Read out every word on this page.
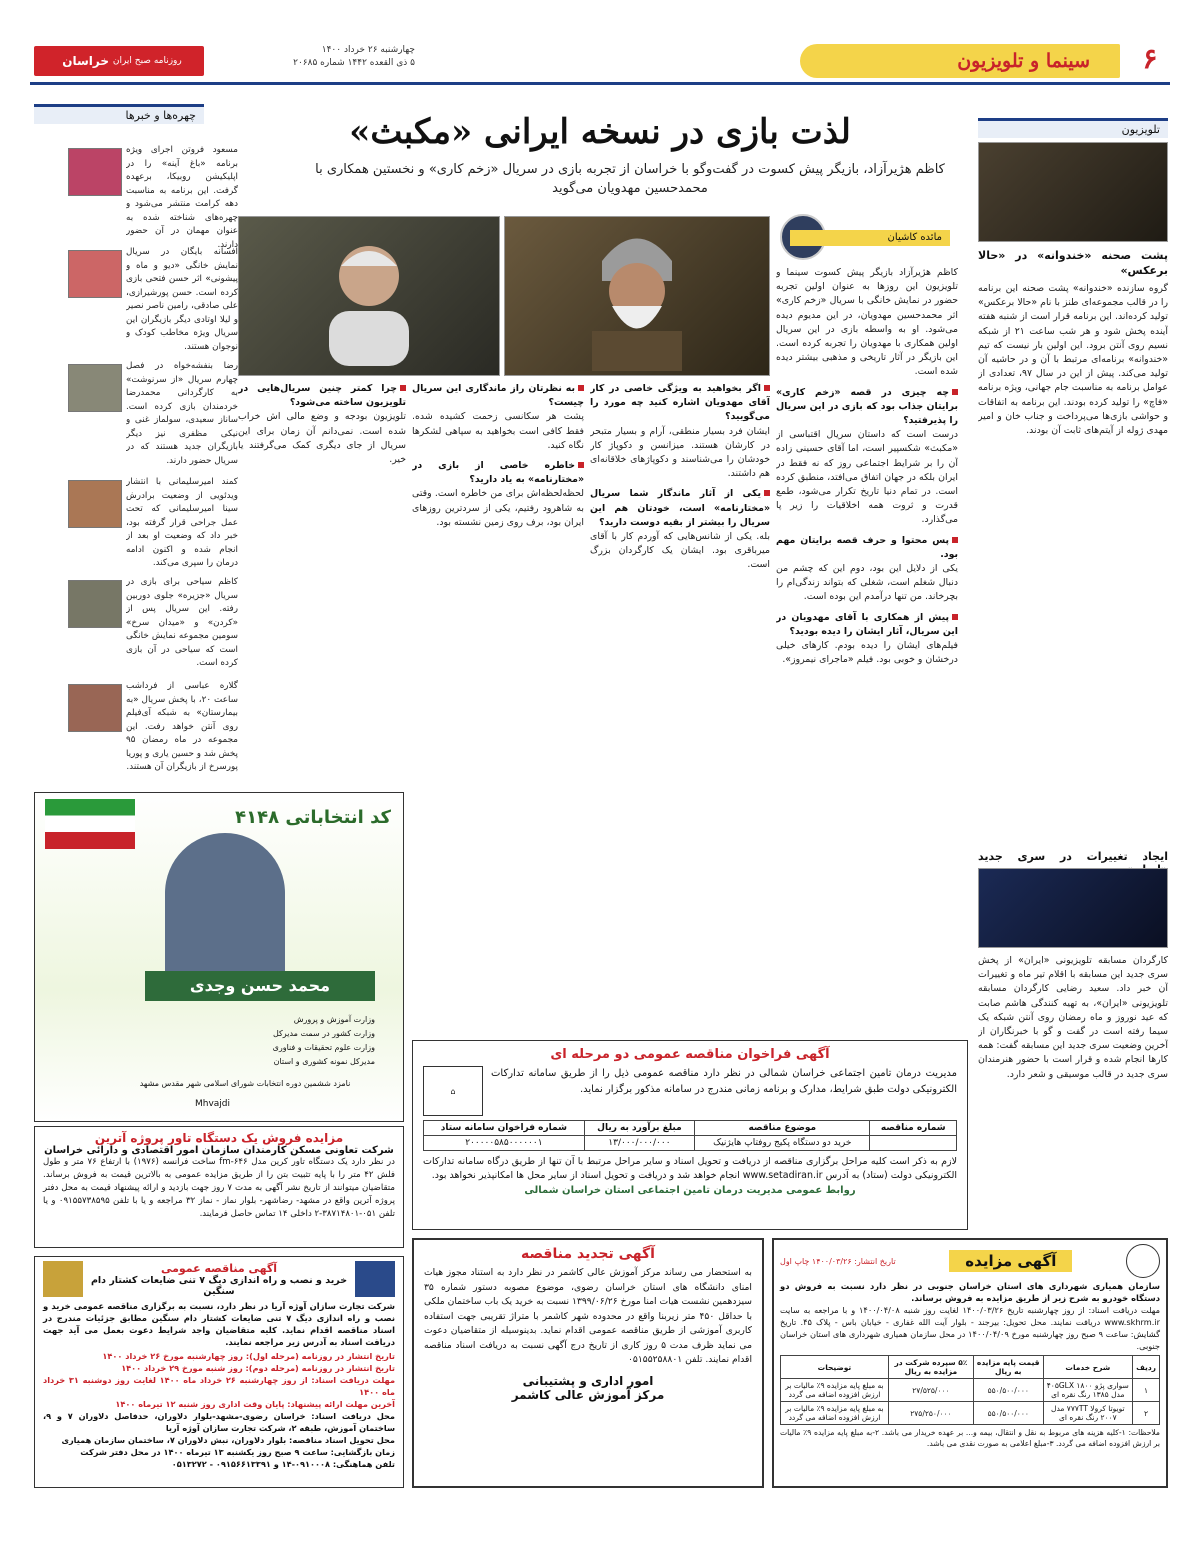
خراسان
روزنامه صبح ایران
چهارشنبه ۲۶ خرداد ۱۴۰۰
۵ ذی القعده ۱۴۴۲ شماره ۲۰۶۸۵	سینما و تلویزیون	۶
چهره‌ها و خبرها
مسعود فروتن اجرای ویژه برنامه «باغ آینه» را در اپلیکیشن روبیکا، برعهده گرفت. این برنامه به مناسبت دهه کرامت منتشر می‌شود و چهره‌های شناخته شده به عنوان مهمان در آن حضور دارند.
افسانه بایگان در سریال نمایش خانگی «دیو و ماه و پیشونی» اثر حسن فتحی بازی کرده است. حسن پورشیرازی، علی صادقی، رامین ناصر نصیر و لیلا اوتادی دیگر بازیگران این سریال ویژه مخاطب کودک و نوجوان هستند.
رضا بنفشه‌خواه در فصل چهارم سریال «از سرنوشت» به کارگردانی محمدرضا خردمندان بازی کرده است. ساناز سعیدی، سولماز غنی و نیکی مظفری نیز دیگر بازیگران جدید هستند که در سریال حضور دارند.
کمند امیرسلیمانی با انتشار ویدئویی از وضعیت برادرش سینا امیرسلیمانی که تحت عمل جراحی قرار گرفته بود، خبر داد که وضعیت او بعد از انجام شده و اکنون ادامه درمان را سپری می‌کند.
کاظم سیاحی برای بازی در سریال «جزیره» جلوی دوربین رفته. این سریال پس از «کردن» و «میدان سرخ» سومین مجموعه نمایش خانگی است که سیاحی در آن بازی کرده است.
گلاره عباسی از فرداشب ساعت ۲۰، با پخش سریال «به بیمارستان» به شبکه آی‌فیلم روی آنتن خواهد رفت. این مجموعه در ماه رمضان ۹۵ پخش شد و حسین یاری و پوریا پورسرخ از بازیگران آن هستند.
لذت بازی در نسخه ایرانی «مکبث»
کاظم هژیرآزاد، بازیگر پیش کسوت در گفت‌وگو با خراسان از تجربه بازی در سریال «زخم کاری» و نخستین همکاری با محمدحسین مهدویان می‌گوید
مائده کاشیان

کاظم هژیرآزاد بازیگر پیش کسوت سینما و تلویزیون این روزها به عنوان اولین تجربه حضور در نمایش خانگی با سریال «زخم کاری» اثر محمدحسین مهدویان، در این مدیوم دیده می‌شود. او به واسطه بازی در این سریال اولین همکاری با مهدویان را تجربه کرده است. این بازیگر در آثار تاریخی و مذهبی بیشتر دیده شده است.

چه چیزی در قصه «زخم کاری» برایتان جذاب بود که بازی در این سریال را پذیرفتید؟

درست است که داستان سریال اقتباسی از «مکبث» شکسپیر است، اما آقای حسینی زاده آن را بر شرایط اجتماعی روز که نه فقط در ایران بلکه در جهان اتفاق می‌افتد، منطبق کرده است. در تمام دنیا تاریخ تکرار می‌شود، طمع قدرت و ثروت همه اخلاقیات را زیر پا می‌گذارد.

پس محتوا و حرف قصه برایتان مهم بود.

یکی از دلایل این بود، دوم این که چشم من دنبال شغلم است، شغلی که بتواند زندگی‌ام را بچرخاند. من تنها درآمدم این بوده است.

پیش از همکاری با آقای مهدویان در این سریال، آثار ایشان را دیده بودید؟

فیلم‌های ایشان را دیده بودم. کارهای خیلی درخشان و خوبی بود. فیلم «ماجرای نیمروز».

اگر بخواهید به ویژگی خاصی در کار آقای مهدویان اشاره کنید چه مورد را می‌گویید؟

ایشان فرد بسیار منطقی، آرام و بسیار متبحر در کارشان هستند. میزانسن و دکوپاژ کار خودشان را می‌شناسند و دکوپاژهای خلاقانه‌ای هم داشتند.

یکی از آثار ماندگار شما سریال «مختارنامه» است، خودتان هم این سریال را بیشتر از بقیه دوست دارید؟

بله. یکی از شانس‌هایی که آوردم کار با آقای میرباقری بود. ایشان یک کارگردان بزرگ است.

به نظرتان راز ماندگاری این سریال چیست؟

پشت هر سکانسی زحمت کشیده شده. فقط کافی است بخواهید به سپاهی لشکرها نگاه کنید.

خاطره خاصی از بازی در «مختارنامه» به یاد دارید؟

لحظه‌لحظه‌اش برای من خاطره است. وقتی به شاهرود رفتیم، یکی از سردترین روزهای ایران بود، برف روی زمین نشسته بود.

چرا کمتر چنین سریال‌هایی در تلویزیون ساخته می‌شود؟

تلویزیون بودجه و وضع مالی اش خراب شده است. نمی‌دانم آن زمان برای این سریال از جای دیگری کمک می‌گرفتند یا خیر.

تلویزیون
پشت صحنه «خندوانه» در «حالا برعکس»
گروه سازنده «خندوانه» پشت صحنه این برنامه را در قالب مجموعه‌ای طنز با نام «حالا برعکس» تولید کرده‌اند. این برنامه قرار است از شنبه هفته آینده پخش شود و هر شب ساعت ۲۱ از شبکه نسیم روی آنتن برود. این اولین بار نیست که تیم «خندوانه» برنامه‌ای مرتبط با آن و در حاشیه آن تولید می‌کند. پیش از این در سال ۹۷، تعدادی از عوامل برنامه به مناسبت جام جهانی، ویژه برنامه «فاچ» را تولید کرده بودند. این برنامه به اتفاقات و حواشی بازی‌ها می‌پرداخت و جناب خان و امیر مهدی ژوله از آیتم‌های ثابت آن بودند.
ایجاد تغییرات در سری جدید
کارگردان مسابقه تلویزیونی «ایران» از پخش سری جدید این مسابقه با اقلام تیر ماه و تغییرات آن خبر داد. سعید رضایی کارگردان مسابقه تلویزیونی «ایران»، به تهیه کنندگی هاشم صابت که عید نوروز و ماه رمضان روی آنتن شبکه یک سیما رفته است در گفت و گو با خبرنگاران از آخرین وضعیت سری جدید این مسابقه گفت: همه کارها انجام شده و قرار است با حضور هنرمندان سری جدید در قالب موسیقی و شعر دارد.
کد انتخاباتی ۴۱۴۸
محمد حسن وجدی
وزارت آموزش و پرورش
وزارت کشور در سمت مدیرکل
وزارت علوم تحقیقات و فناوری
مدیرکل نمونه کشوری و استان
نامزد ششمین دوره انتخابات شورای اسلامی شهر مقدس مشهد
Mhvajdi
آگهی فراخوان مناقصه عمومی دو مرحله ای
⌂
مدیریت درمان تامین اجتماعی خراسان شمالی در نظر دارد مناقصه عمومی ذیل را از طریق سامانه تدارکات الکترونیکی دولت طبق شرایط، مدارک و برنامه زمانی مندرج در سامانه مذکور برگزار نماید.
شماره مناقصه	موضوع مناقصه	مبلغ برآورد به ریال	شماره فراخوان سامانه ستاد
	خرید دو دستگاه پکیج روفتاپ هایژنیک	۱۳/۰۰۰/۰۰۰/۰۰۰	۲۰۰۰۰۰۵۸۵۰۰۰۰۰۰۱
لازم به ذکر است کلیه مراحل برگزاری مناقصه از دریافت و تحویل اسناد و سایر مراحل مرتبط با آن تنها از طریق درگاه سامانه تدارکات الکترونیکی دولت (ستاد) به آدرس www.setadiran.ir انجام خواهد شد و دریافت و تحویل اسناد از سایر محل ها امکانپذیر نخواهد بود.
روابط عمومی مدیریت درمان تامین اجتماعی استان خراسان شمالی
مزایده فروش یک دستگاه تاور پروژه آترین
شرکت تعاونی مسکن کارمندان سازمان امور اقتصادی و دارائی خراسان
در نظر دارد یک دستگاه تاور کرین مدل fm-۶۴۶ ساخت فرانسه (۱۹۷۶) با ارتفاع ۷۶ متر و طول فلش ۴۲ متر را با پایه تثبیت بتن را از طریق مزایده عمومی به بالاترین قیمت به فروش برساند. متقاضیان میتوانند از تاریخ نشر آگهی به مدت ۷ روز جهت بازدید و ارائه پیشنهاد قیمت به محل دفتر پروژه آترین واقع در مشهد- رضاشهر- بلوار نماز - نماز ۳۲ مراجعه و یا با تلفن ۰۹۱۵۵۷۳۸۵۹۵ و یا تلفن ۰۵۱-۳۸۷۱۴۸۰۱-۲ داخلی ۱۴ تماس حاصل فرمایند.
آگهی تجدید مناقصه
به استحضار می رساند مرکز آموزش عالی کاشمر در نظر دارد به استناد مجوز هیات امنای دانشگاه های استان خراسان رضوی، موضوع مصوبه دستور شماره ۳۵ سیزدهمین نشست هیات امنا مورخ ۱۳۹۹/۰۶/۲۶ نسبت به خرید یک باب ساختمان ملکی با حداقل ۴۵۰ متر زیربنا واقع در محدوده شهر کاشمر با متراژ تقریبی جهت استفاده کاربری آموزشی از طریق مناقصه عمومی اقدام نماید. بدینوسیله از متقاضیان دعوت می نماید ظرف مدت ۵ روز کاری از تاریخ درج آگهی نسبت به دریافت اسناد مناقصه اقدام نمایند. تلفن ۰۵۱۵۵۲۵۸۸۰۱
امور اداری و پشتیبانی
مرکز آموزش عالی کاشمر
آگهی مزایده
تاریخ انتشار: ۱۴۰۰/۰۳/۲۶ چاپ اول
سازمان همیاری شهرداری های استان خراسان جنوبی در نظر دارد نسبت به فروش دو دستگاه خودرو به شرح زیر از طریق مزایده به فروش برساند.
مهلت دریافت اسناد: از روز چهارشنبه تاریخ ۱۴۰۰/۰۳/۲۶ لغایت روز شنبه ۱۴۰۰/۰۴/۰۸ و با مراجعه به سایت www.skhrm.ir دریافت نمایند. محل تحویل: بیرجند - بلوار آیت الله غفاری - خیابان باس - پلاک ۴۵. تاریخ گشایش: ساعت ۹ صبح روز چهارشنبه مورخ ۱۴۰۰/۰۴/۰۹ در محل سازمان همیاری شهرداری های استان خراسان جنوبی.
ردیف	شرح خدمات	قیمت پایه مزایده به ریال	۵٪ سپرده شرکت در مزایده به ریال	توضیحات
۱	سواری پژو ۴۰۵GLX ۱۸۰۰ مدل ۱۳۸۵ رنگ نقره ای	۵۵۰/۵۰۰/۰۰۰	۲۷/۵۲۵/۰۰۰	به مبلغ پایه مزایده ۹٪ مالیات بر ارزش افزوده اضافه می گردد
۲	تویوتا کرولا ۷۷۷TT مدل ۲۰۰۷ رنگ نقره ای	۵۵۰/۵۰۰/۰۰۰	۲۷۵/۲۵۰/۰۰۰	به مبلغ پایه مزایده ۹٪ مالیات بر ارزش افزوده اضافه می گردد
ملاحظات: ۱-کلیه هزینه های مربوط به نقل و انتقال، بیمه و... بر عهده خریدار می باشد. ۲-به مبلغ پایه مزایده ۹٪ مالیات بر ارزش افزوده اضافه می گردد. ۳-مبلغ اعلامی به صورت نقدی می باشد.
آگهی مناقصه عمومی
خرید و نصب و راه اندازی دیگ ۷ تنی ضایعات کشتار دام سنگین
شرکت تجارت سازان آوژه آریا در نظر دارد، نسبت به برگزاری مناقصه عمومی خرید و نصب و راه اندازی دیگ ۷ تنی ضایعات کشتار دام سنگین مطابق جزئیات مندرج در اسناد مناقصه اقدام نماید. کلیه متقاضیان واجد شرایط دعوت بعمل می آید جهت دریافت اسناد به آدرس زیر مراجعه نمایند.
تاریخ انتشار در روزنامه (مرحله اول): روز چهارشنبه مورخ ۲۶ خرداد ۱۴۰۰
تاریخ انتشار در روزنامه (مرحله دوم): روز شنبه مورخ ۲۹ خرداد ۱۴۰۰
مهلت دریافت اسناد: از روز چهارشنبه ۲۶ خرداد ماه ۱۴۰۰ لغایت روز دوشنبه ۳۱ خرداد ماه ۱۴۰۰
آخرین مهلت ارائه پیشنهاد: پایان وقت اداری روز شنبه ۱۲ تیرماه ۱۴۰۰
محل دریافت اسناد: خراسان رضوی-مشهد-بلوار دلاوران، حدفاصل دلاوران ۷ و ۹، ساختمان آموزش، طبقه ۲، شرکت تجارت سازان آوژه آریا
محل تحویل اسناد مناقصه: بلوار دلاوران، نبش دلاوران ۷، ساختمان سازمان همیاری
زمان بازگشایی: ساعت ۹ صبح روز یکشنبه ۱۳ تیرماه ۱۴۰۰ در محل دفتر شرکت
تلفن هماهنگی: ۰۹۱۰۰۰۸-۱۴ و ۰۹۱۵۶۶۱۳۳۹۱ - ۰۵۱۳۲۷۲
